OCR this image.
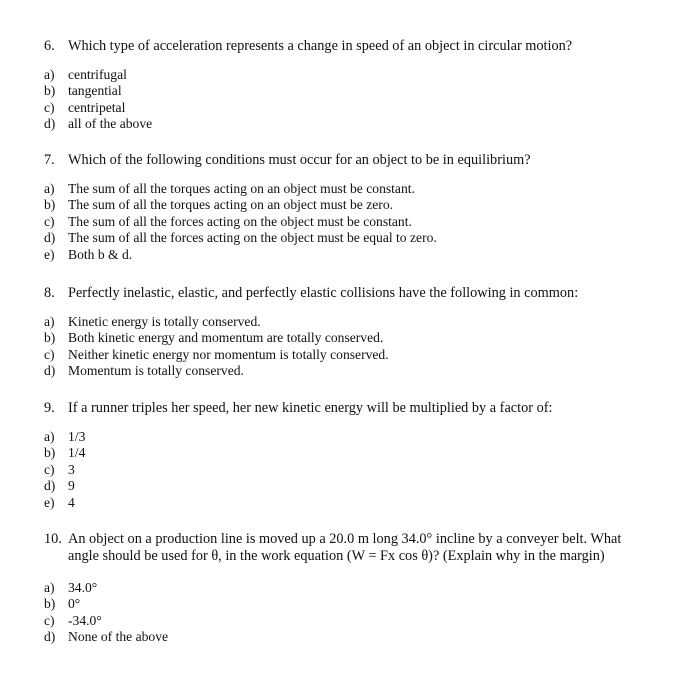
6. Which type of acceleration represents a change in speed of an object in circular motion?
a) centrifugal
b) tangential
c) centripetal
d) all of the above
7. Which of the following conditions must occur for an object to be in equilibrium?
a) The sum of all the torques acting on an object must be constant.
b) The sum of all the torques acting on an object must be zero.
c) The sum of all the forces acting on the object must be constant.
d) The sum of all the forces acting on the object must be equal to zero.
e) Both b & d.
8. Perfectly inelastic, elastic, and perfectly elastic collisions have the following in common:
a) Kinetic energy is totally conserved.
b) Both kinetic energy and momentum are totally conserved.
c) Neither kinetic energy nor momentum is totally conserved.
d) Momentum is totally conserved.
9. If a runner triples her speed, her new kinetic energy will be multiplied by a factor of:
a) 1/3
b) 1/4
c) 3
d) 9
e) 4
10. An object on a production line is moved up a 20.0 m long 34.0° incline by a conveyer belt. What angle should be used for θ, in the work equation (W = Fx cos θ)? (Explain why in the margin)
a) 34.0°
b) 0°
c) -34.0°
d) None of the above
